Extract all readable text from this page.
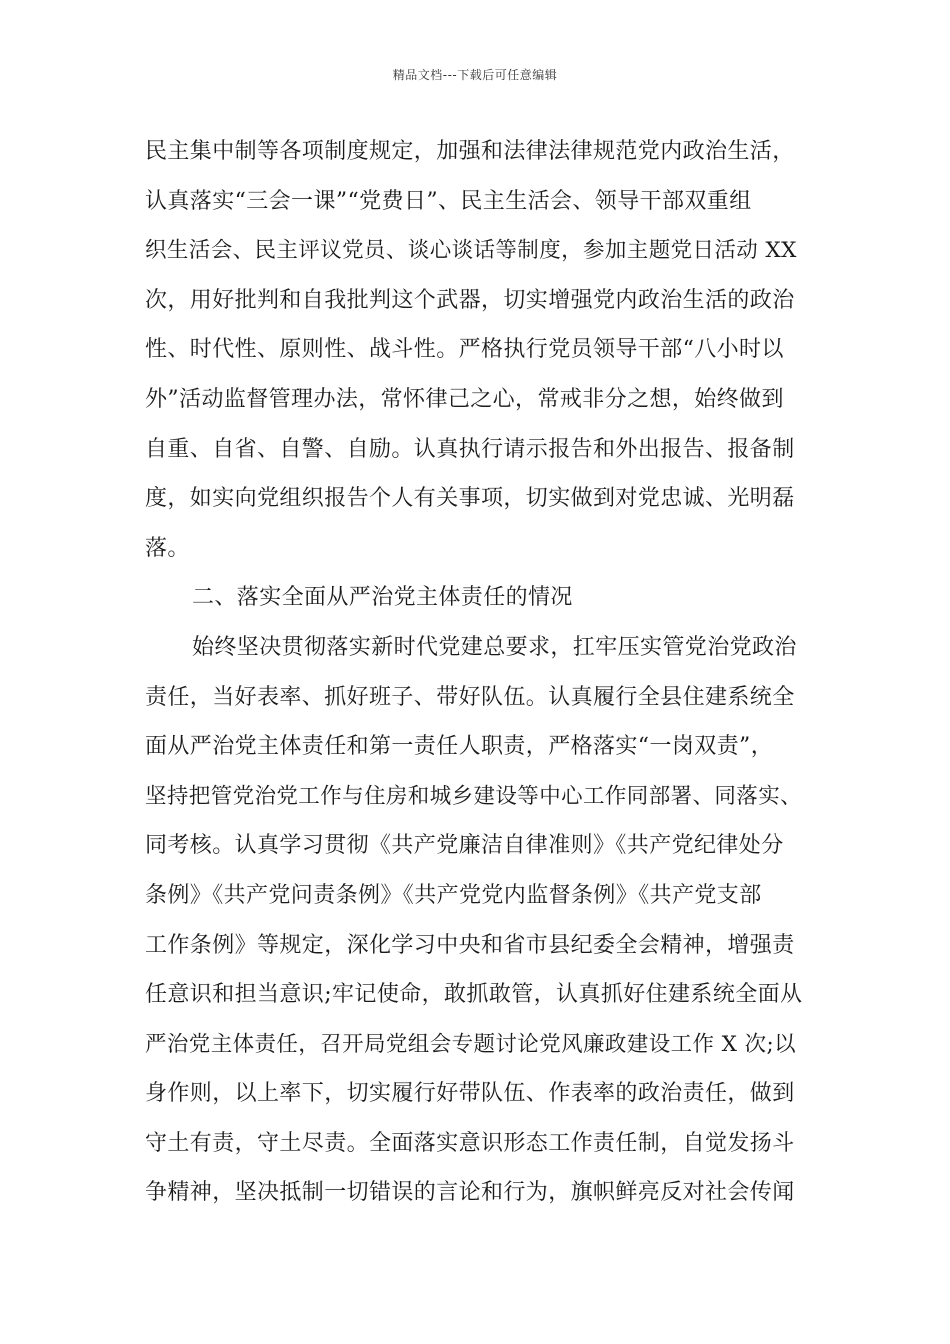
精品文档---下载后可任意编辑
民主集中制等各项制度规定，加强和法律法律规范党内政治生活，
认真落实“三会一课”“党费日”、民主生活会、领导干部双重组
织生活会、民主评议党员、谈心谈话等制度，参加主题党日活动 XX
次，用好批判和自我批判这个武器，切实增强党内政治生活的政治
性、时代性、原则性、战斗性。严格执行党员领导干部“八小时以
外”活动监督管理办法，常怀律己之心，常戒非分之想，始终做到
自重、自省、自警、自励。认真执行请示报告和外出报告、报备制
度，如实向党组织报告个人有关事项，切实做到对党忠诚、光明磊
落。
二、落实全面从严治党主体责任的情况
始终坚决贯彻落实新时代党建总要求，扛牢压实管党治党政治
责任，当好表率、抓好班子、带好队伍。认真履行全县住建系统全
面从严治党主体责任和第一责任人职责，严格落实“一岗双责”，
坚持把管党治党工作与住房和城乡建设等中心工作同部署、同落实、
同考核。认真学习贯彻《共产党廉洁自律准则》《共产党纪律处分
条例》《共产党问责条例》《共产党党内监督条例》《共产党支部
工作条例》等规定，深化学习中央和省市县纪委全会精神，增强责
任意识和担当意识;牢记使命，敢抓敢管，认真抓好住建系统全面从
严治党主体责任，召开局党组会专题讨论党风廉政建设工作 X 次;以
身作则，以上率下，切实履行好带队伍、作表率的政治责任，做到
守土有责，守土尽责。全面落实意识形态工作责任制，自觉发扬斗
争精神，坚决抵制一切错误的言论和行为，旗帜鲜亮反对社会传闻
